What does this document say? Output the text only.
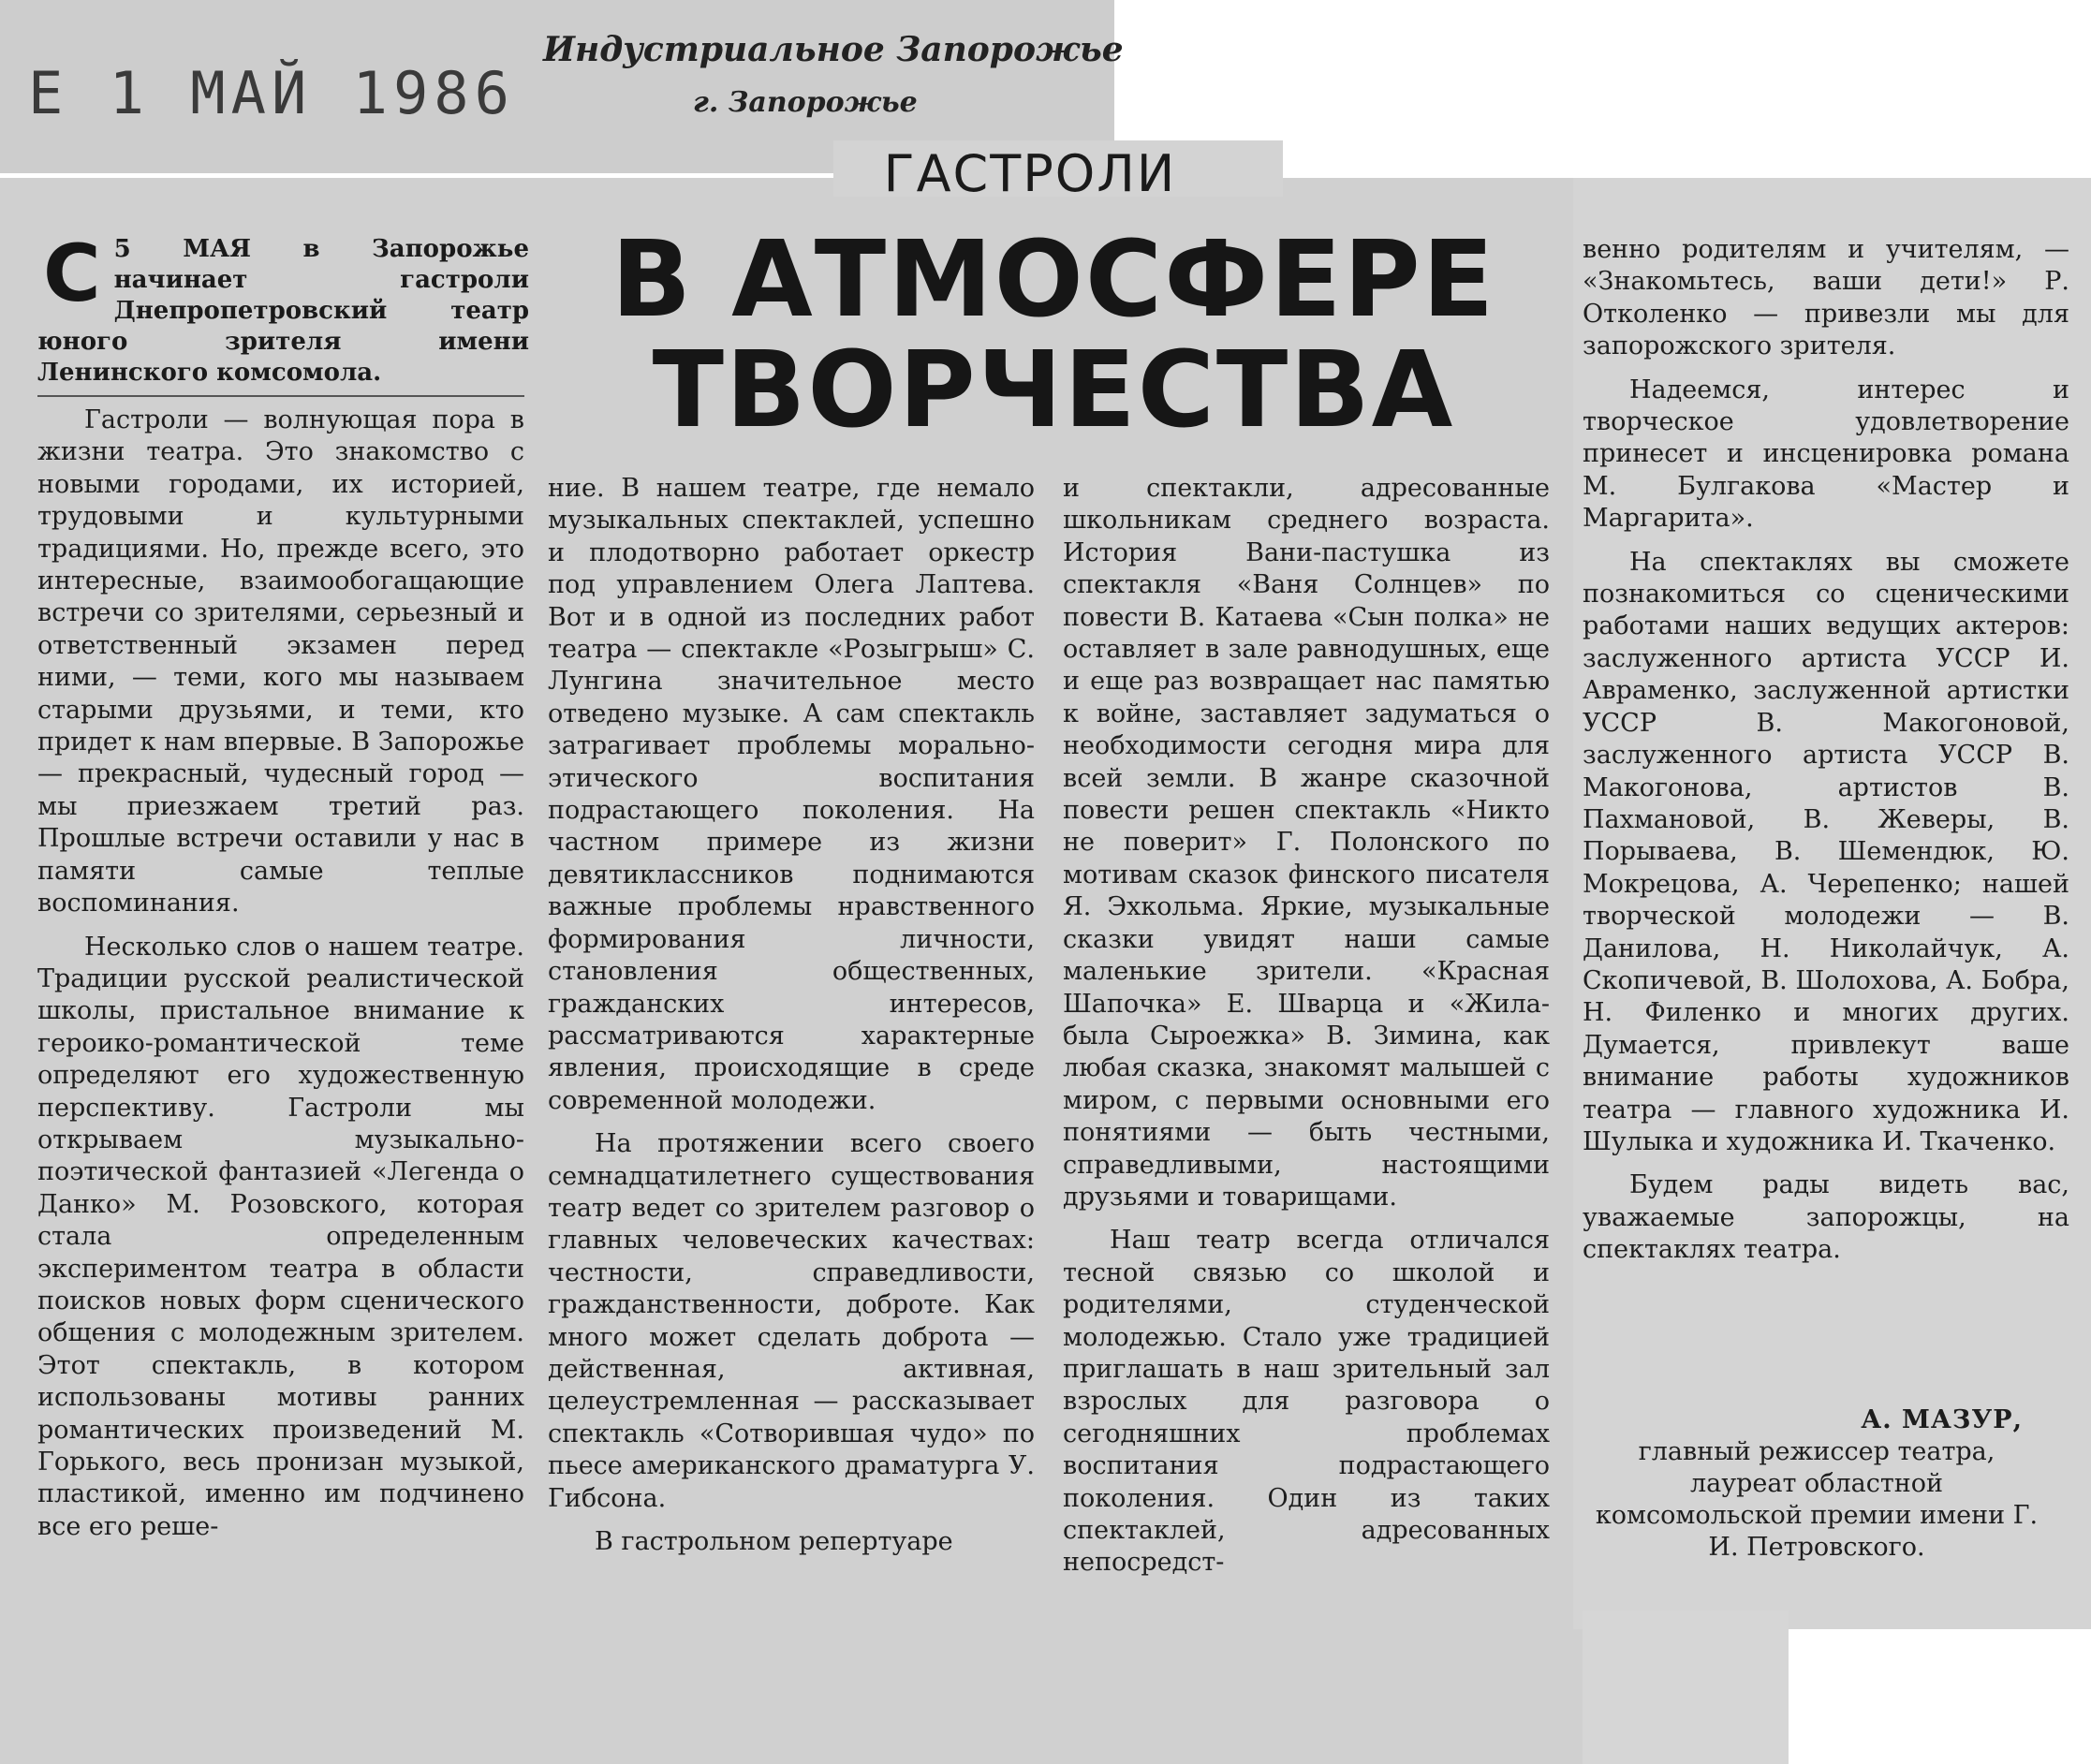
Е 1 МАЙ 1986
Индустриальное Запорожье
г. Запорожье
ГАСТРОЛИ
В АТМОСФЕРЕ
ТВОРЧЕСТВА
С 5 МАЯ в Запорожье начинает гастроли Днепропетровский театр юного зрителя имени Ленинского комсомола.

Гастроли — волнующая пора в жизни театра. Это знакомство с новыми городами, их историей, трудовыми и культурными традициями. Но, прежде всего, это интересные, взаимообогащающие встречи со зрителями, серьезный и ответственный экзамен перед ними, — теми, кого мы называем старыми друзьями, и теми, кто придет к нам впервые. В Запорожье — прекрасный, чудесный город — мы приезжаем третий раз. Прошлые встречи оставили у нас в памяти самые теплые воспоминания.

Несколько слов о нашем театре. Традиции русской реалистической школы, пристальное внимание к героико-романтической теме определяют его художественную перспективу. Гастроли мы открываем музыкально-поэтической фантазией «Легенда о Данко» М. Розовского, которая стала определенным экспериментом театра в области поисков новых форм сценического общения с молодежным зрителем. Этот спектакль, в котором использованы мотивы ранних романтических произведений М. Горького, весь пронизан музыкой, пластикой, именно им подчинено все его реше-

ние. В нашем театре, где немало музыкальных спектаклей, успешно и плодотворно работает оркестр под управлением Олега Лаптева. Вот и в одной из последних работ театра — спектакле «Розыгрыш» С. Лунгина значительное место отведено музыке. А сам спектакль затрагивает проблемы морально-этического воспитания подрастающего поколения. На частном примере из жизни девятиклассников поднимаются важные проблемы нравственного формирования личности, становления общественных, гражданских интересов, рассматриваются характерные явления, происходящие в среде современной молодежи.

На протяжении всего своего семнадцатилетнего существования театр ведет со зрителем разговор о главных человеческих качествах: честности, справедливости, гражданственности, доброте. Как много может сделать доброта — действенная, активная, целеустремленная — рассказывает спектакль «Сотворившая чудо» по пьесе американского драматурга У. Гибсона.

В гастрольном репертуаре

и спектакли, адресованные школьникам среднего возраста. История Вани-пастушка из спектакля «Ваня Солнцев» по повести В. Катаева «Сын полка» не оставляет в зале равнодушных, еще и еще раз возвращает нас памятью к войне, заставляет задуматься о необходимости сегодня мира для всей земли. В жанре сказочной повести решен спектакль «Никто не поверит» Г. Полонского по мотивам сказок финского писателя Я. Эхкольма. Яркие, музыкальные сказки увидят наши самые маленькие зрители. «Красная Шапочка» Е. Шварца и «Жила-была Сыроежка» В. Зимина, как любая сказка, знакомят малышей с миром, с первыми основными его понятиями — быть честными, справедливыми, настоящими друзьями и товарищами.

Наш театр всегда отличался тесной связью со школой и родителями, студенческой молодежью. Стало уже традицией приглашать в наш зрительный зал взрослых для разговора о сегодняшних проблемах воспитания подрастающего поколения. Один из таких спектаклей, адресованных непосредст-

венно родителям и учителям, — «Знакомьтесь, ваши дети!» Р. Отколенко — привезли мы для запорожского зрителя.

Надеемся, интерес и творческое удовлетворение принесет и инсценировка романа М. Булгакова «Мастер и Маргарита».

На спектаклях вы сможете познакомиться со сценическими работами наших ведущих актеров: заслуженного артиста УССР И. Авраменко, заслуженной артистки УССР В. Макогоновой, заслуженного артиста УССР В. Макогонова, артистов В. Пахмановой, В. Жеверы, В. Порываева, В. Шемендюк, Ю. Мокрецова, А. Черепенко; нашей творческой молодежи — В. Данилова, Н. Николайчук, А. Скопичевой, В. Шолохова, А. Бобра, Н. Филенко и многих других. Думается, привлекут ваше внимание работы художников театра — главного художника И. Шулыка и художника И. Ткаченко.

Будем рады видеть вас, уважаемые запорожцы, на спектаклях театра.

А. МАЗУР,
главный режиссер театра,
лауреат областной комсомольской премии имени Г. И. Петровского.
